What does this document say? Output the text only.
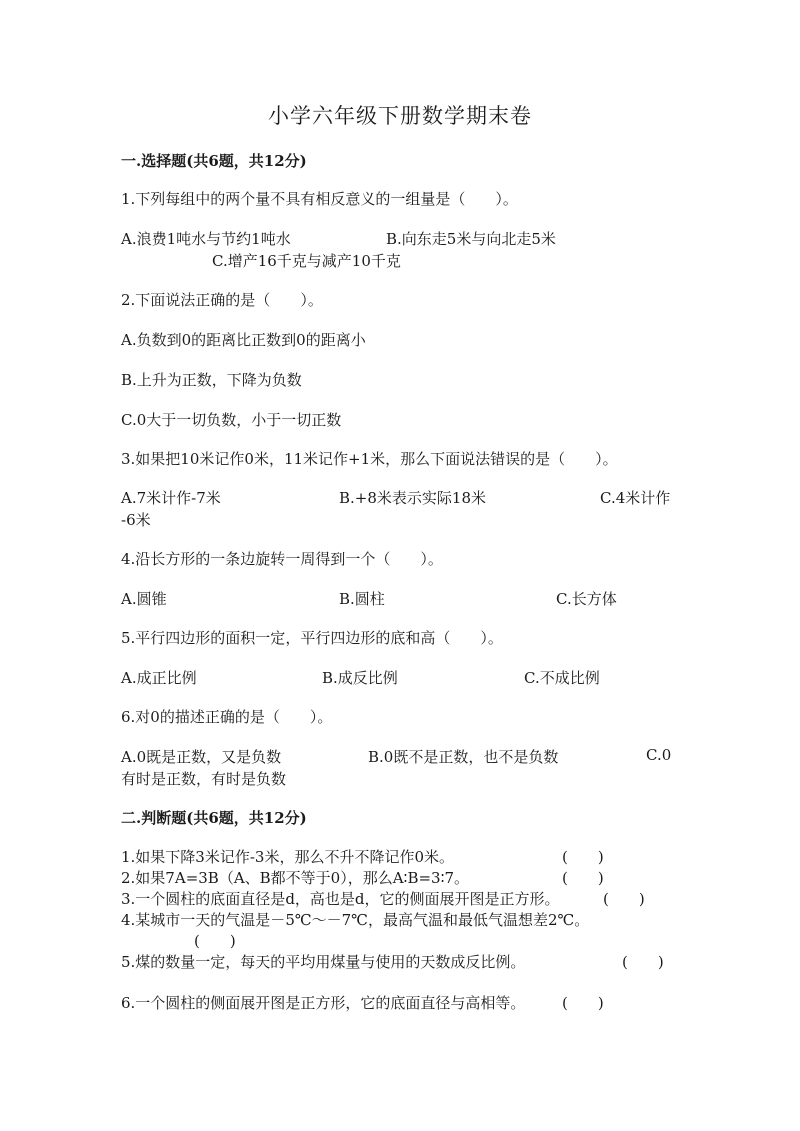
小学六年级下册数学期末卷
一.选择题(共6题，共12分)
1.下列每组中的两个量不具有相反意义的一组量是（　　）。
A.浪费1吨水与节约1吨水	B.向东走5米与向北走5米
C.增产16千克与减产10千克
2.下面说法正确的是（　　）。
A.负数到0的距离比正数到0的距离小
B.上升为正数，下降为负数
C.0大于一切负数，小于一切正数
3.如果把10米记作0米，11米记作+1米，那么下面说法错误的是（　　）。
A.7米计作-7米	B.+8米表示实际18米	C.4米计作
-6米
4.沿长方形的一条边旋转一周得到一个（　　）。
A.圆锥	B.圆柱	C.长方体
5.平行四边形的面积一定，平行四边形的底和高（　　）。
A.成正比例	B.成反比例	C.不成比例
6.对0的描述正确的是（　　）。
A.0既是正数，又是负数	B.0既不是正数，也不是负数	C.0
有时是正数，有时是负数
二.判断题(共6题，共12分)
1.如果下降3米记作-3米，那么不升不降记作0米。	(　　)
2.如果7A=3B（A、B都不等于0），那么A∶B=3∶7。	(　　)
3.一个圆柱的底面直径是d，高也是d，它的侧面展开图是正方形。	(　　)
4.某城市一天的气温是－5℃～－7℃，最高气温和最低气温想差2℃。
(　　)
5.煤的数量一定，每天的平均用煤量与使用的天数成反比例。	(　　)
6.一个圆柱的侧面展开图是正方形，它的底面直径与高相等。 (　　)
